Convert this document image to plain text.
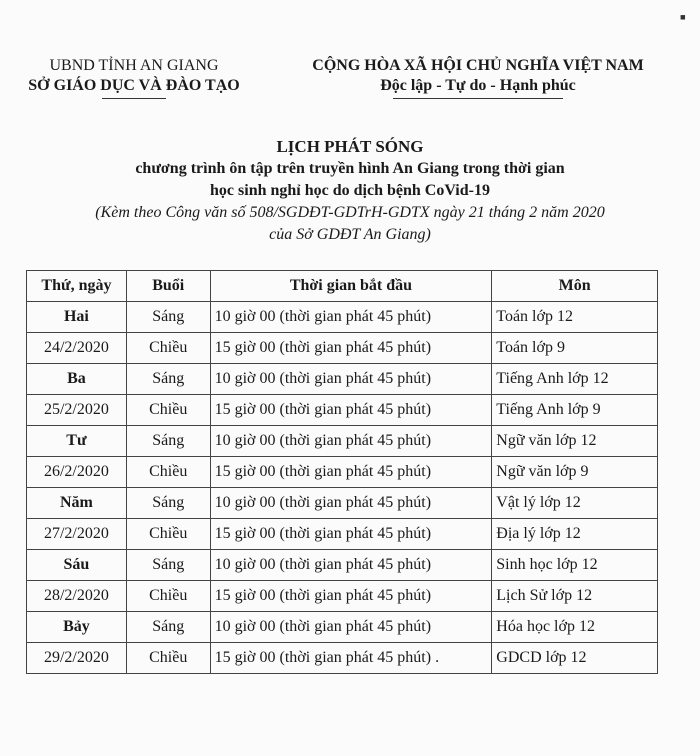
▪
UBND TỈNH AN GIANG
SỞ GIÁO DỤC VÀ ĐÀO TẠO
CỘNG HÒA XÃ HỘI CHỦ NGHĨA VIỆT NAM
Độc lập - Tự do - Hạnh phúc
LỊCH PHÁT SÓNG
chương trình ôn tập trên truyền hình An Giang trong thời gian
học sinh nghỉ học do dịch bệnh CoVid-19
(Kèm theo Công văn số 508/SGDĐT-GDTrH-GDTX ngày 21 tháng 2 năm 2020
của Sở GDĐT An Giang)
Thứ, ngày	Buổi	Thời gian bắt đầu	Môn
Hai	Sáng	10 giờ 00 (thời gian phát 45 phút)	Toán lớp 12
24/2/2020	Chiều	15 giờ 00 (thời gian phát 45 phút)	Toán lớp 9
Ba	Sáng	10 giờ 00 (thời gian phát 45 phút)	Tiếng Anh lớp 12
25/2/2020	Chiều	15 giờ 00 (thời gian phát 45 phút)	Tiếng Anh lớp 9
Tư	Sáng	10 giờ 00 (thời gian phát 45 phút)	Ngữ văn lớp 12
26/2/2020	Chiều	15 giờ 00 (thời gian phát 45 phút)	Ngữ văn lớp 9
Năm	Sáng	10 giờ 00 (thời gian phát 45 phút)	Vật lý lớp 12
27/2/2020	Chiều	15 giờ 00 (thời gian phát 45 phút)	Địa lý lớp 12
Sáu	Sáng	10 giờ 00 (thời gian phát 45 phút)	Sinh học lớp 12
28/2/2020	Chiều	15 giờ 00 (thời gian phát 45 phút)	Lịch Sử lớp 12
Bảy	Sáng	10 giờ 00 (thời gian phát 45 phút)	Hóa học lớp 12
29/2/2020	Chiều	15 giờ 00 (thời gian phát 45 phút) .	GDCD lớp 12
